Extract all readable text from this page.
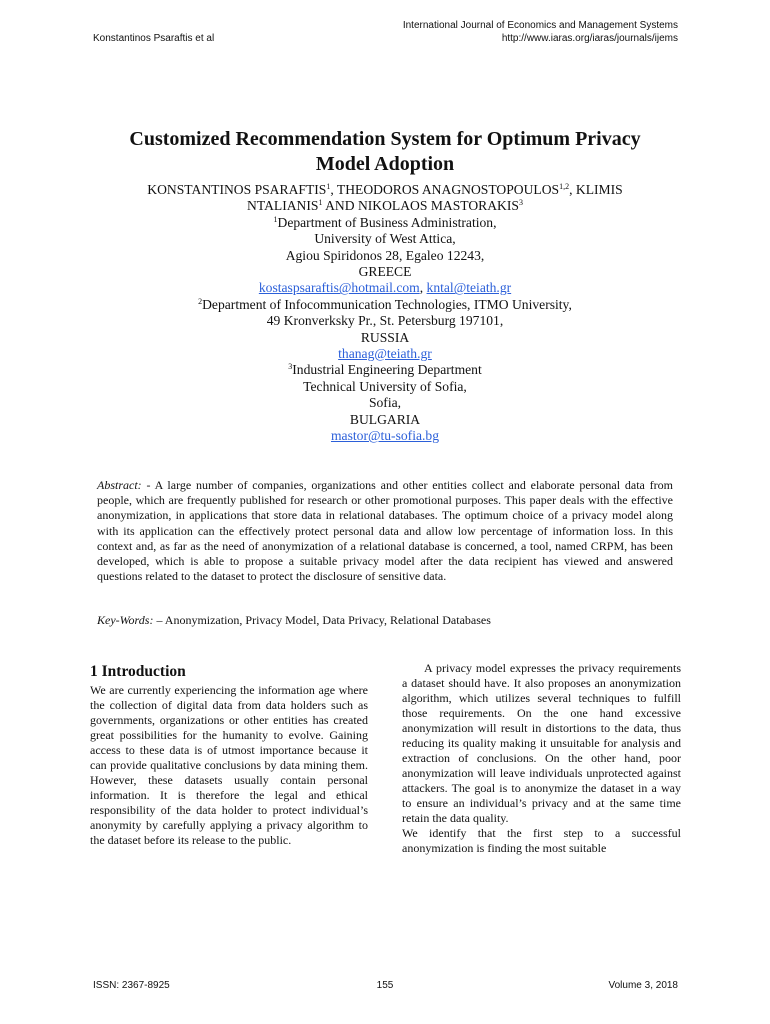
Konstantinos Psaraftis et al
International Journal of Economics and Management Systems
http://www.iaras.org/iaras/journals/ijems
Customized Recommendation System for Optimum Privacy
Model Adoption
KONSTANTINOS PSARAFTIS$^1$, THEODOROS ANAGNOSTOPOULOS$^{1,2}$, KLIMIS
NTALIANIS$^1$ AND NIKOLAOS MASTORAKIS$^3$
$^1$Department of Business Administration,
University of West Attica,
Agiou Spiridonos 28, Egaleo 12243,
GREECE
kostaspsaraftis@hotmail.com, kntal@teiath.gr
$^2$Department of Infocommunication Technologies, ITMO University,
49 Kronverksky Pr., St. Petersburg 197101,
RUSSIA
thanag@teiath.gr
$^3$Industrial Engineering Department
Technical University of Sofia,
Sofia,
BULGARIA
mastor@tu-sofia.bg
Abstract: - A large number of companies, organizations and other entities collect and elaborate personal data from people, which are frequently published for research or other promotional purposes. This paper deals with the effective anonymization, in applications that store data in relational databases. The optimum choice of a privacy model along with its application can the effectively protect personal data and allow low percentage of information loss. In this context and, as far as the need of anonymization of a relational database is concerned, a tool, named CRPM, has been developed, which is able to propose a suitable privacy model after the data recipient has viewed and answered questions related to the dataset to protect the disclosure of sensitive data.
Key-Words: – Anonymization, Privacy Model, Data Privacy, Relational Databases
1 Introduction

We are currently experiencing the information age where the collection of digital data from data holders such as governments, organizations or other entities has created great possibilities for the humanity to evolve. Gaining access to these data is of utmost importance because it can provide qualitative conclusions by data mining them. However, these datasets usually contain personal information. It is therefore the legal and ethical responsibility of the data holder to protect individual’s anonymity by carefully applying a privacy algorithm to the dataset before its release to the public.

A privacy model expresses the privacy requirements a dataset should have. It also proposes an anonymization algorithm, which utilizes several techniques to fulfill those requirements. On the one hand excessive anonymization will result in distortions to the data, thus reducing its quality making it unsuitable for analysis and extraction of conclusions. On the other hand, poor anonymization will leave individuals unprotected against attackers. The goal is to anonymize the dataset in a way to ensure an individual’s privacy and at the same time retain the data quality.

We identify that the first step to a successful anonymization is finding the most suitable

ISSN: 2367-8925	155	Volume 3, 2018
